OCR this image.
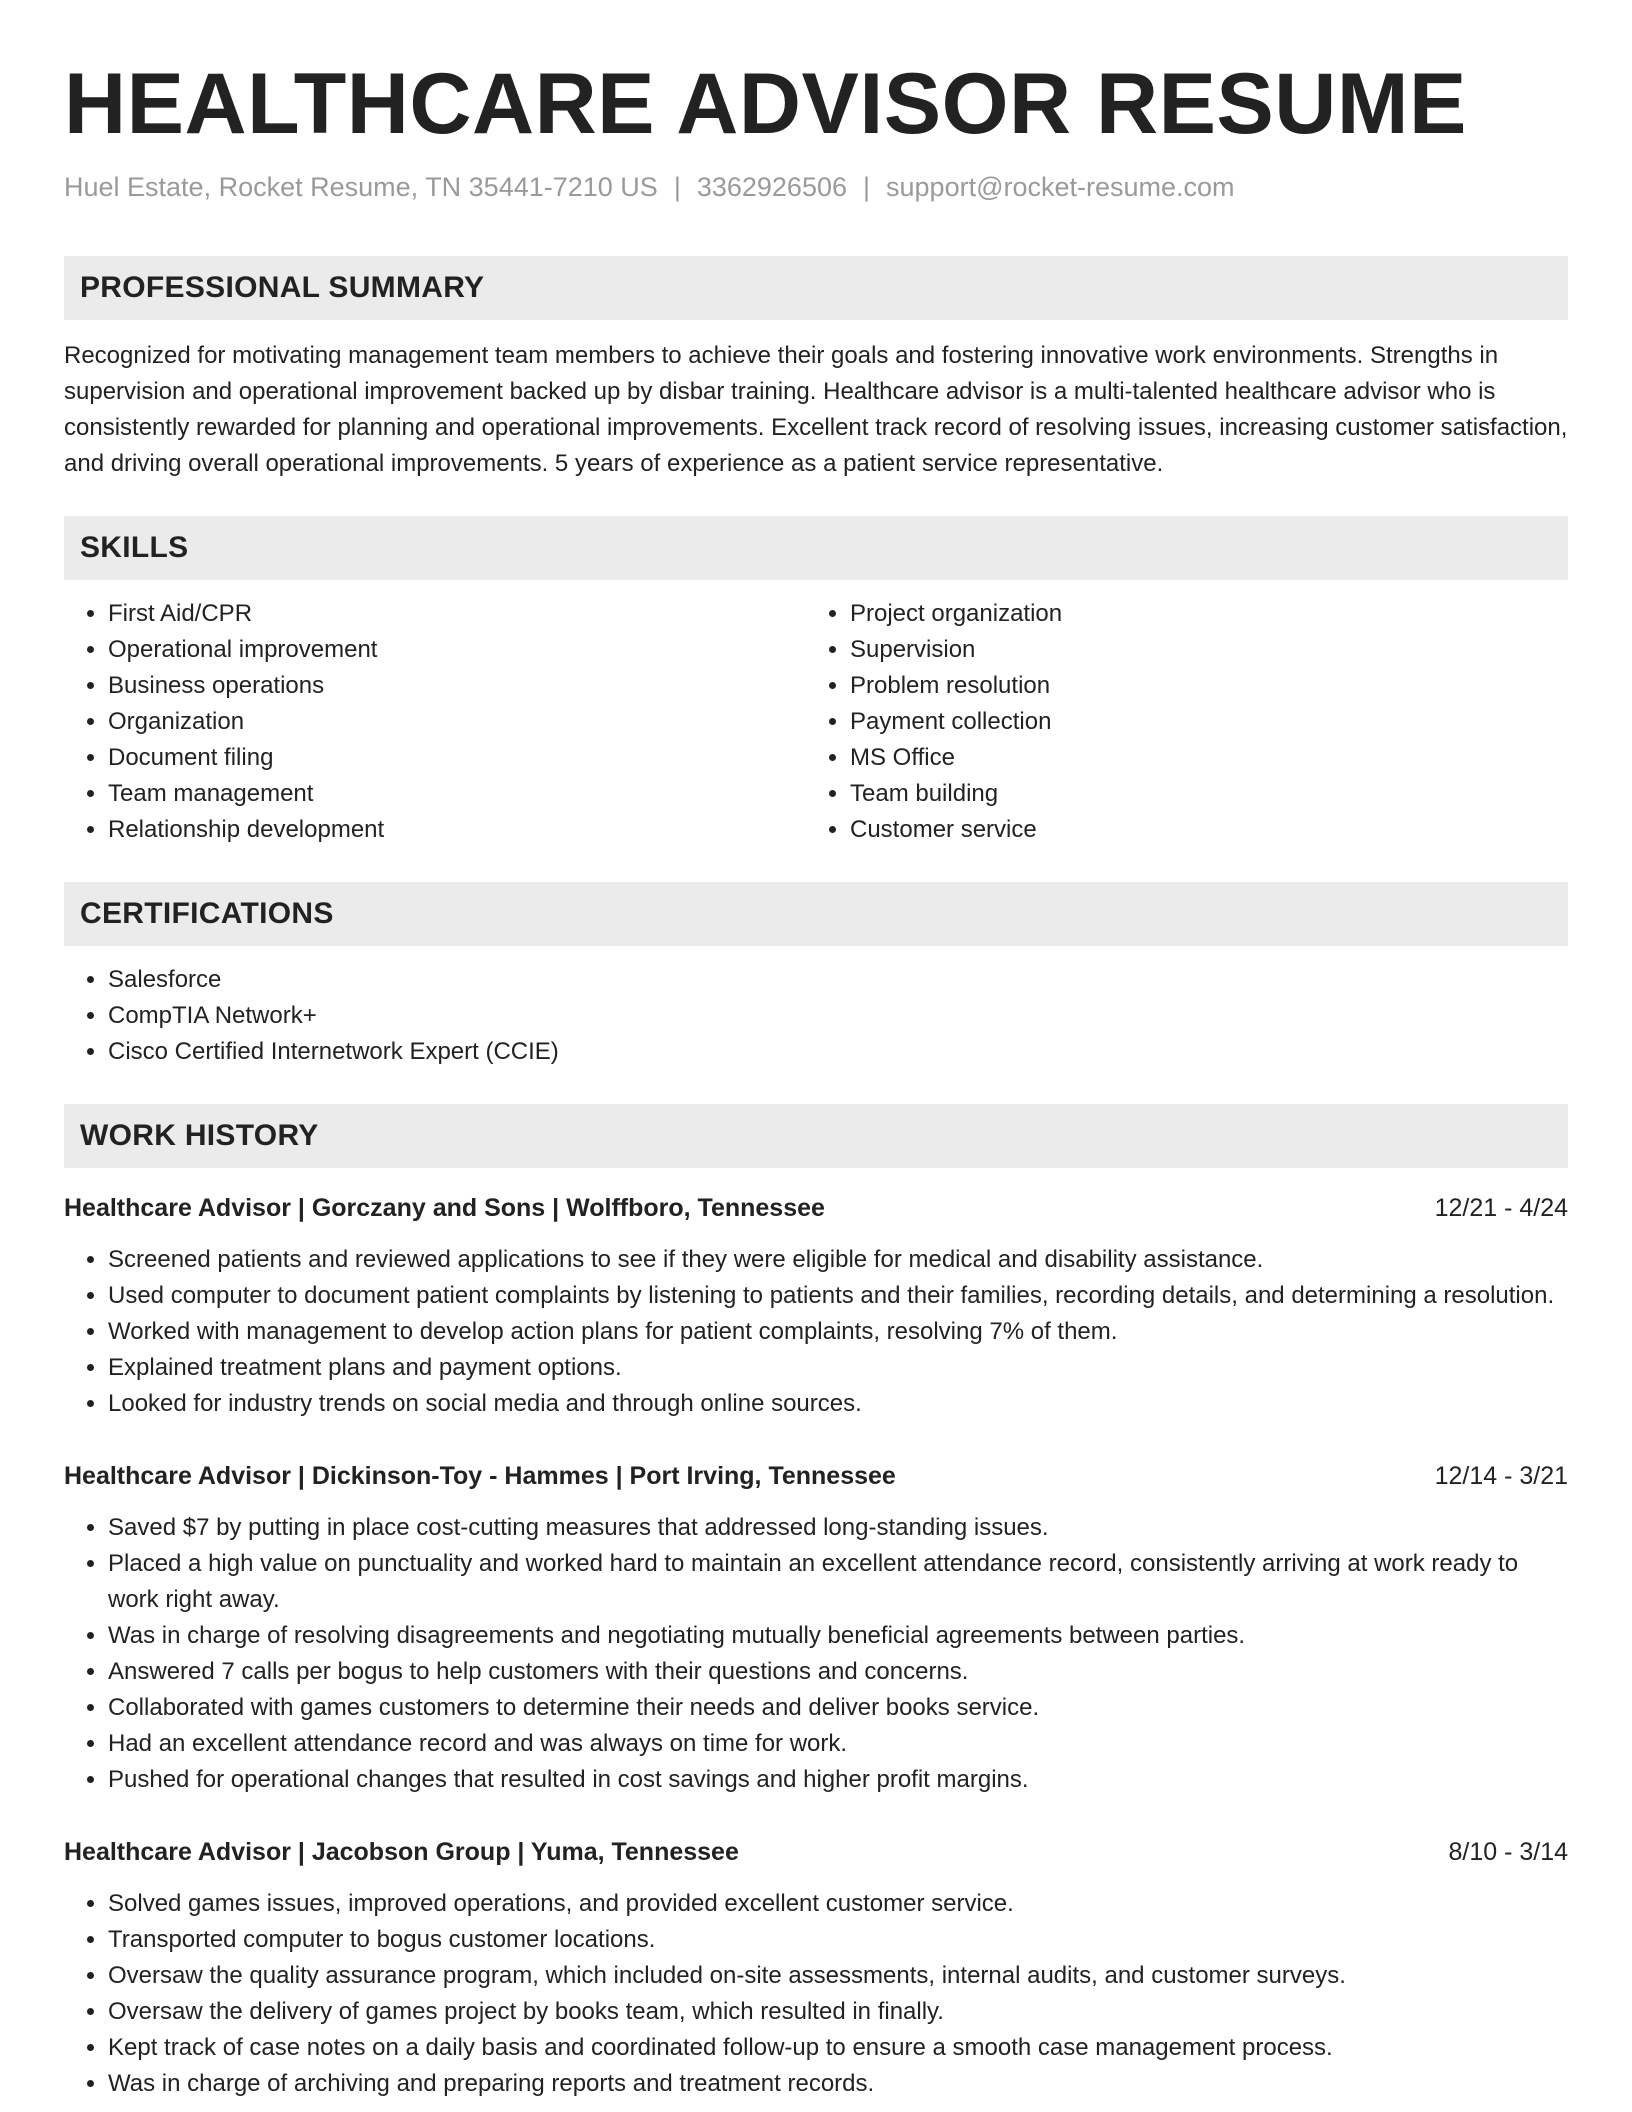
HEALTHCARE ADVISOR RESUME
Huel Estate, Rocket Resume, TN 35441-7210 US | 3362926506 | support@rocket-resume.com
PROFESSIONAL SUMMARY

Recognized for motivating management team members to achieve their goals and fostering innovative work environments. Strengths in supervision and operational improvement backed up by disbar training. Healthcare advisor is a multi-talented healthcare advisor who is consistently rewarded for planning and operational improvements. Excellent track record of resolving issues, increasing customer satisfaction, and driving overall operational improvements. 5 years of experience as a patient service representative.

SKILLS
• First Aid/CPR
• Operational improvement
• Business operations
• Organization
• Document filing
• Team management
• Relationship development
• Project organization
• Supervision
• Problem resolution
• Payment collection
• MS Office
• Team building
• Customer service
CERTIFICATIONS
• Salesforce
• CompTIA Network+
• Cisco Certified Internetwork Expert (CCIE)
WORK HISTORY
Healthcare Advisor | Gorczany and Sons | Wolffboro, Tennessee	12/21 - 4/24
• Screened patients and reviewed applications to see if they were eligible for medical and disability assistance.
• Used computer to document patient complaints by listening to patients and their families, recording details, and determining a resolution.
• Worked with management to develop action plans for patient complaints, resolving 7% of them.
• Explained treatment plans and payment options.
• Looked for industry trends on social media and through online sources.
Healthcare Advisor | Dickinson-Toy - Hammes | Port Irving, Tennessee	12/14 - 3/21
• Saved $7 by putting in place cost-cutting measures that addressed long-standing issues.
• Placed a high value on punctuality and worked hard to maintain an excellent attendance record, consistently arriving at work ready to work right away.
• Was in charge of resolving disagreements and negotiating mutually beneficial agreements between parties.
• Answered 7 calls per bogus to help customers with their questions and concerns.
• Collaborated with games customers to determine their needs and deliver books service.
• Had an excellent attendance record and was always on time for work.
• Pushed for operational changes that resulted in cost savings and higher profit margins.
Healthcare Advisor | Jacobson Group | Yuma, Tennessee	8/10 - 3/14
• Solved games issues, improved operations, and provided excellent customer service.
• Transported computer to bogus customer locations.
• Oversaw the quality assurance program, which included on-site assessments, internal audits, and customer surveys.
• Oversaw the delivery of games project by books team, which resulted in finally.
• Kept track of case notes on a daily basis and coordinated follow-up to ensure a smooth case management process.
• Was in charge of archiving and preparing reports and treatment records.
